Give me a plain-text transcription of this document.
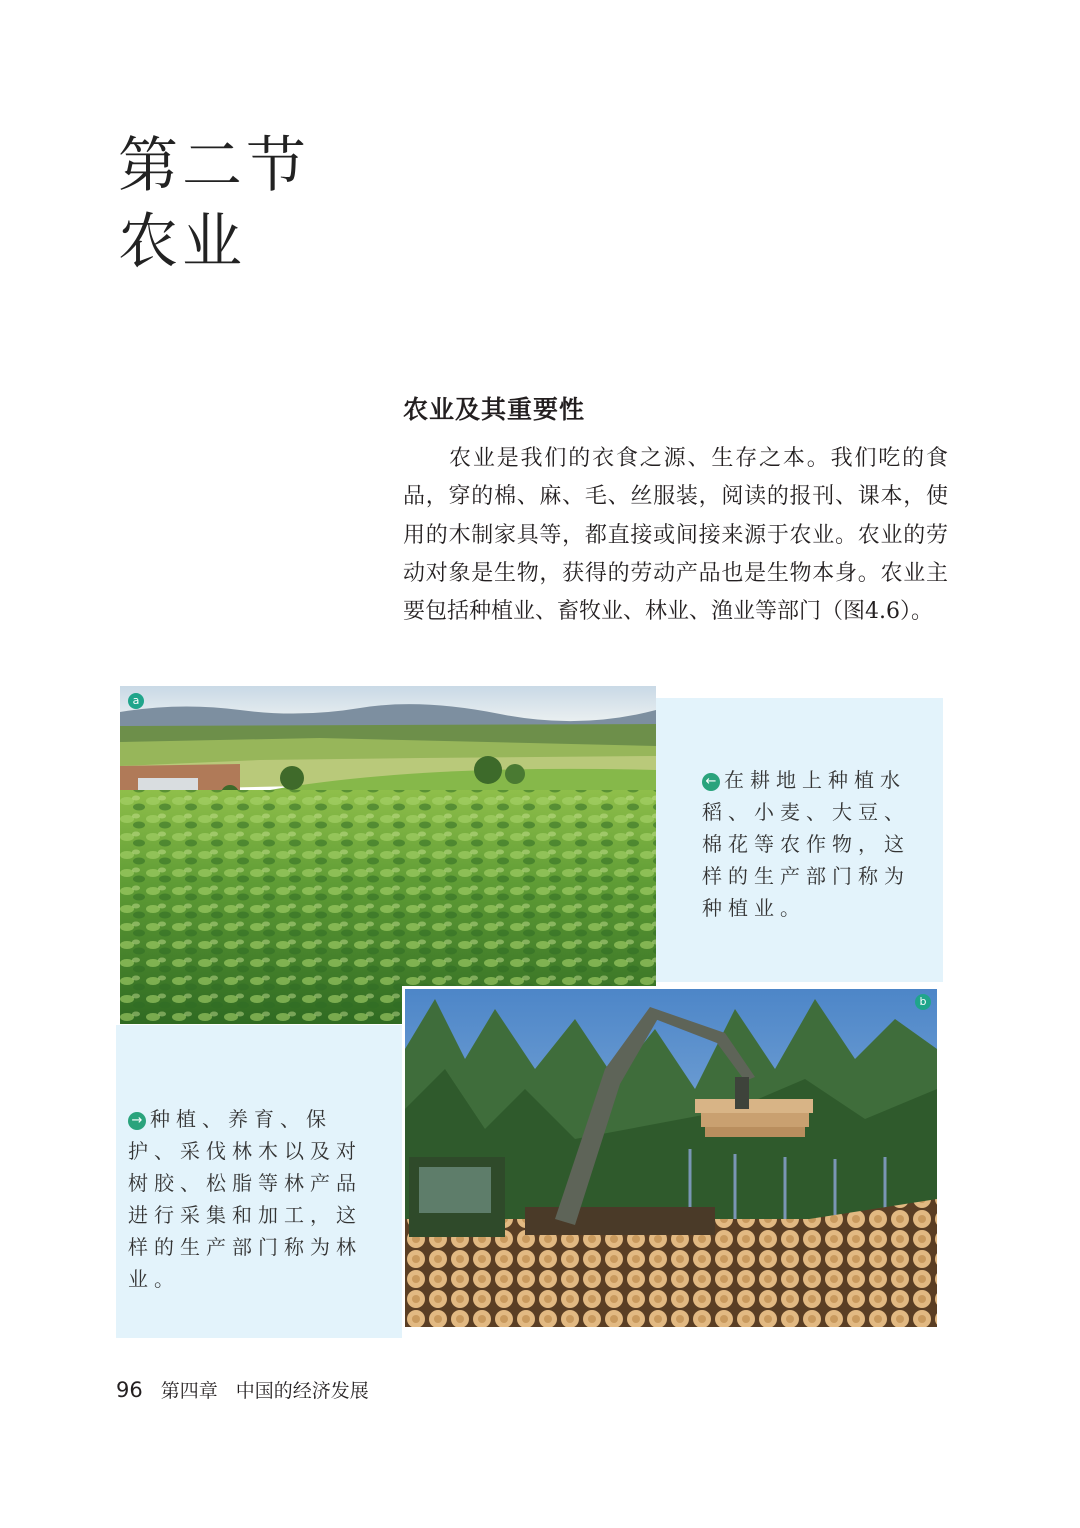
第二节
农业
农业及其重要性

农业是我们的衣食之源、生存之本。我们吃的食品，穿的棉、麻、毛、丝服装，阅读的报刊、课本，使用的木制家具等，都直接或间接来源于农业。农业的劳动对象是生物，获得的劳动产品也是生物本身。农业主要包括种植业、畜牧业、林业、渔业等部门（图4.6）。

a

← 在耕地上种植水稻、小麦、大豆、棉花等农作物，这样的生产部门称为种植业。

b

→ 种植、养育、保护、采伐林木以及对树胶、松脂等林产品进行采集和加工，这样的生产部门称为林业。

96 第四章 中国的经济发展
